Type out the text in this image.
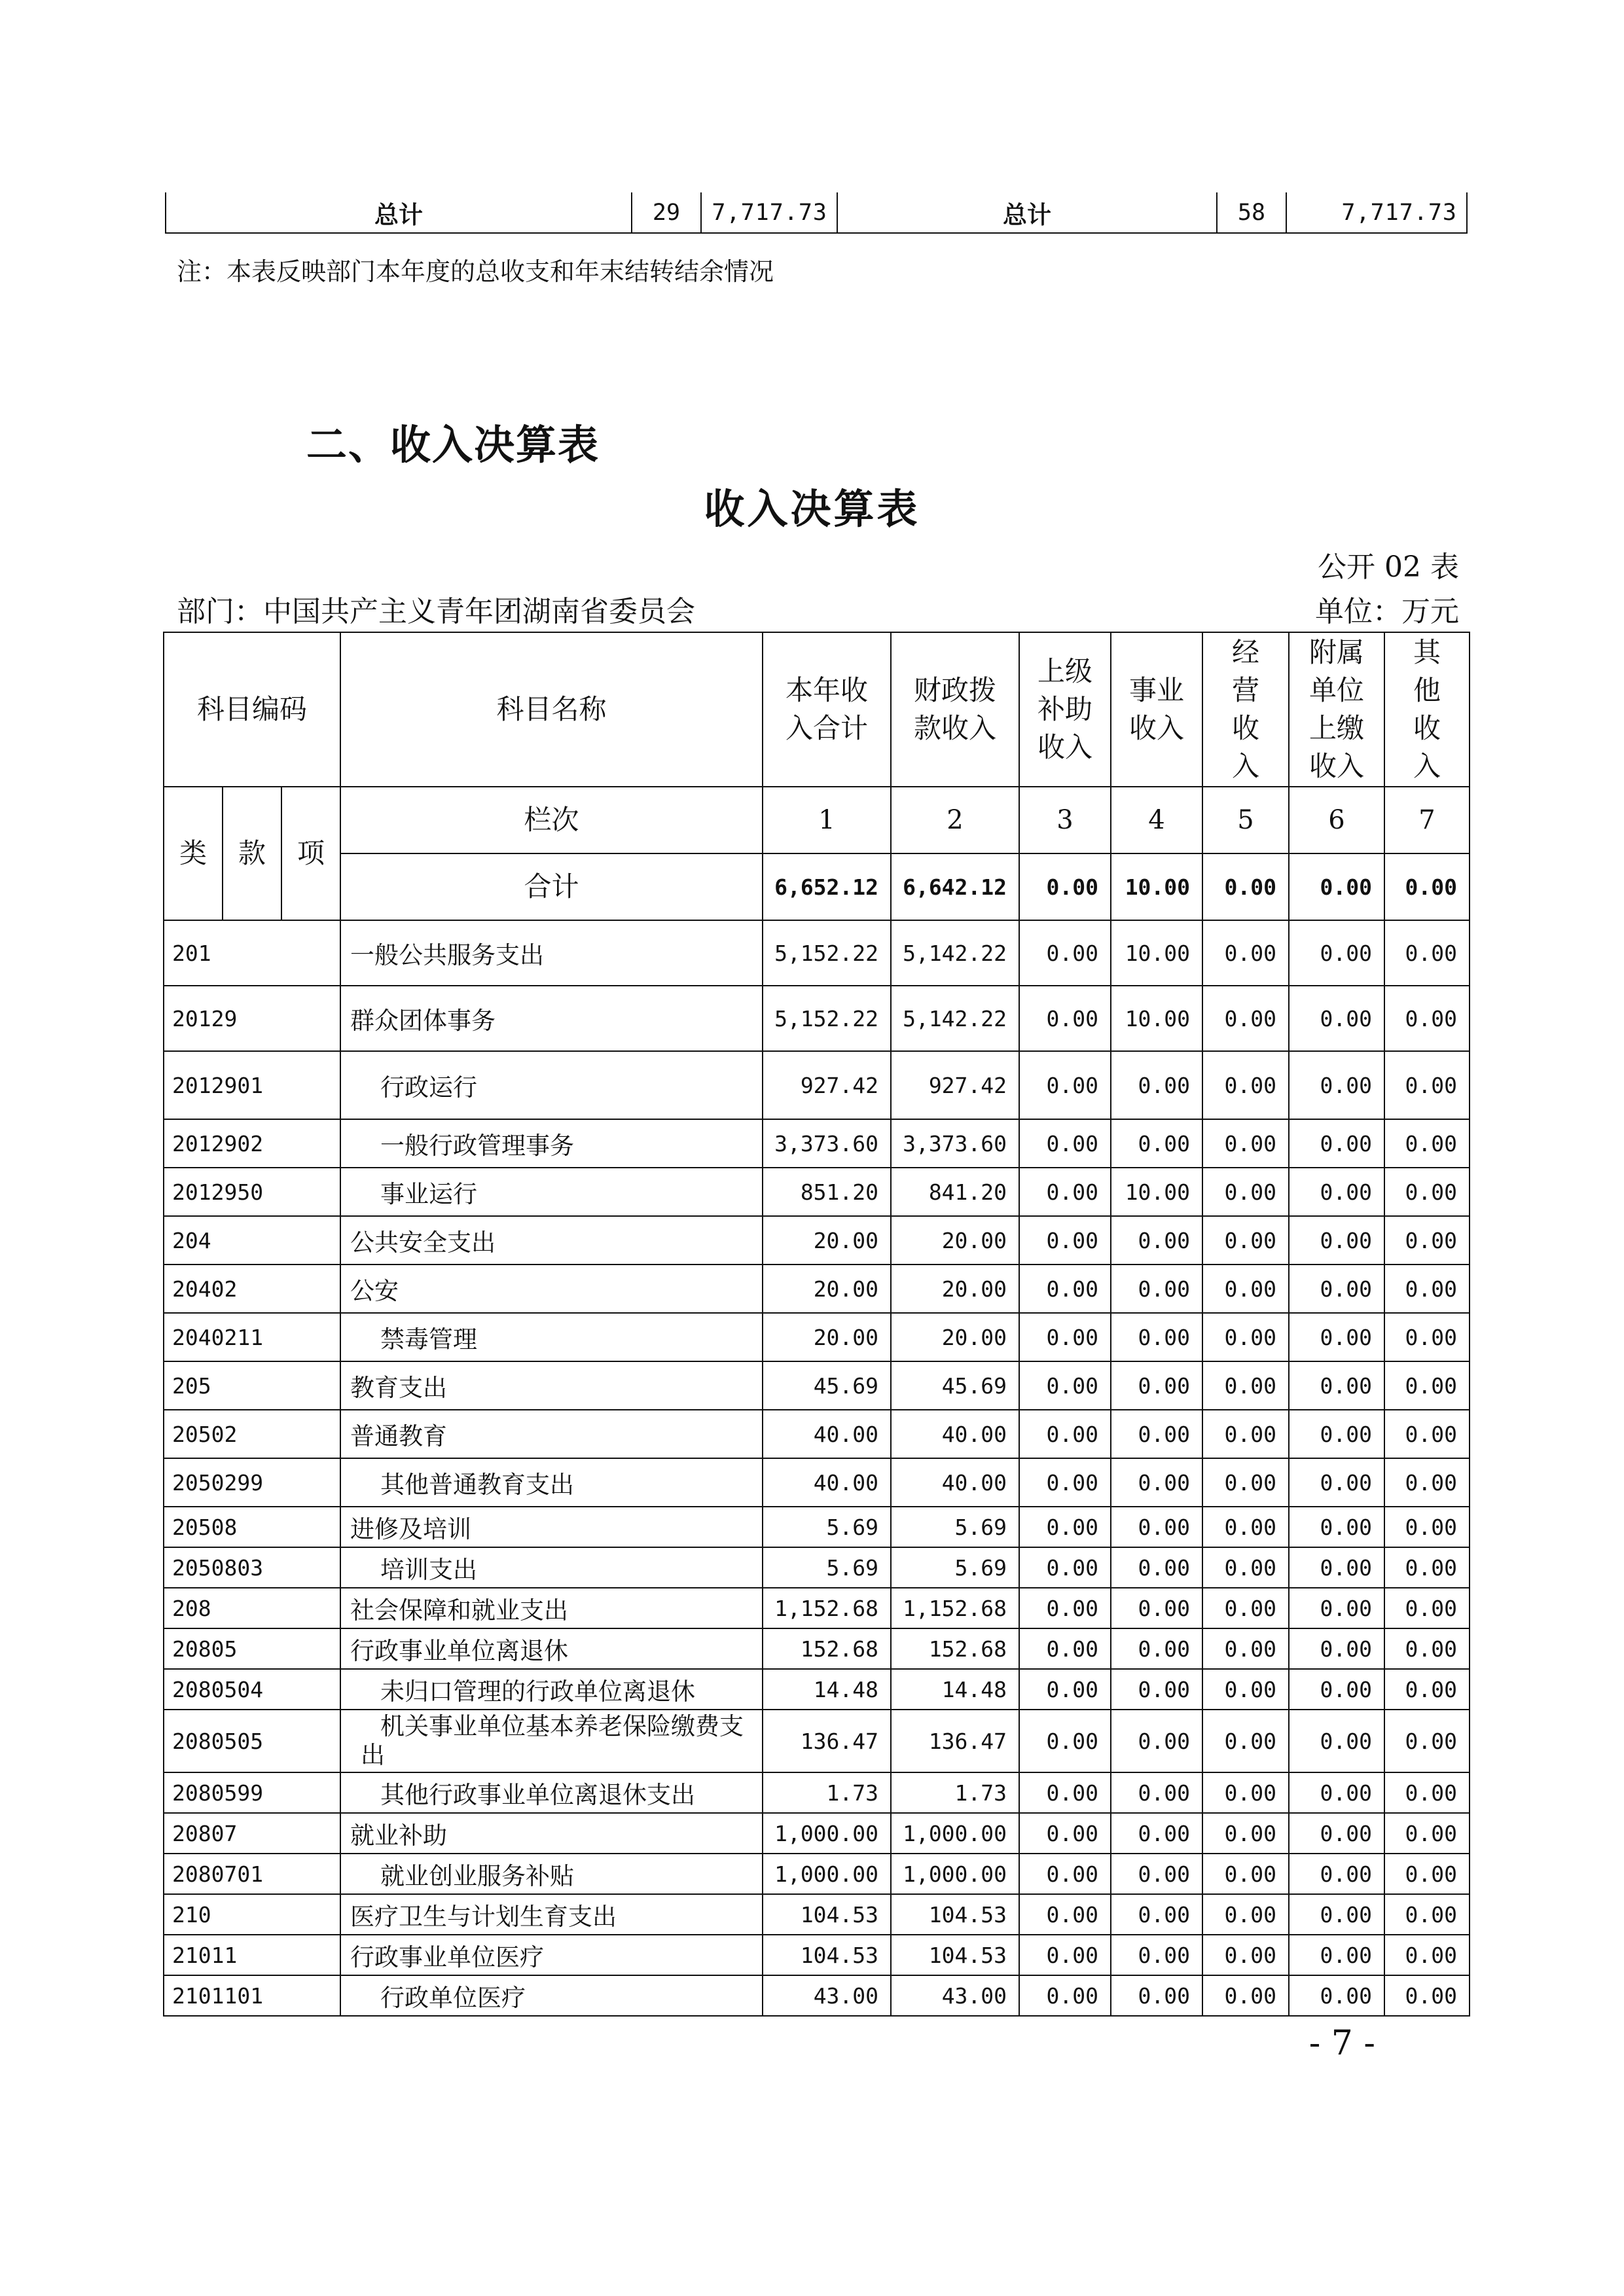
总计	29	7,717.73	总计	58	7,717.73
注：本表反映部门本年度的总收支和年末结转结余情况
二、收入决算表
收入决算表
公开 02 表
部门：中国共产主义青年团湖南省委员会	单位：万元
科目编码			科目名称	本年收入合计	财政拨款收入	上级补助收入	事业收入	经营收入	附属单位上缴收入	其他收入

类	款	项	栏次	1	2	3	4	5	6	7
			合计	6,652.12	6,642.12	0.00	10.00	0.00	0.00	0.00
201			一般公共服务支出	5,152.22	5,142.22	0.00	10.00	0.00	0.00	0.00
20129			群众团体事务	5,152.22	5,142.22	0.00	10.00	0.00	0.00	0.00
2012901			行政运行	927.42	927.42	0.00	0.00	0.00	0.00	0.00
2012902			一般行政管理事务	3,373.60	3,373.60	0.00	0.00	0.00	0.00	0.00
2012950			事业运行	851.20	841.20	0.00	10.00	0.00	0.00	0.00
204			公共安全支出	20.00	20.00	0.00	0.00	0.00	0.00	0.00
20402			公安	20.00	20.00	0.00	0.00	0.00	0.00	0.00
2040211			禁毒管理	20.00	20.00	0.00	0.00	0.00	0.00	0.00
205			教育支出	45.69	45.69	0.00	0.00	0.00	0.00	0.00
20502			普通教育	40.00	40.00	0.00	0.00	0.00	0.00	0.00
2050299			其他普通教育支出	40.00	40.00	0.00	0.00	0.00	0.00	0.00
20508			进修及培训	5.69	5.69	0.00	0.00	0.00	0.00	0.00
2050803			培训支出	5.69	5.69	0.00	0.00	0.00	0.00	0.00
208			社会保障和就业支出	1,152.68	1,152.68	0.00	0.00	0.00	0.00	0.00
20805			行政事业单位离退休	152.68	152.68	0.00	0.00	0.00	0.00	0.00
2080504			未归口管理的行政单位离退休	14.48	14.48	0.00	0.00	0.00	0.00	0.00
2080505			机关事业单位基本养老保险缴费支出	136.47	136.47	0.00	0.00	0.00	0.00	0.00
2080599			其他行政事业单位离退休支出	1.73	1.73	0.00	0.00	0.00	0.00	0.00
20807			就业补助	1,000.00	1,000.00	0.00	0.00	0.00	0.00	0.00
2080701			就业创业服务补贴	1,000.00	1,000.00	0.00	0.00	0.00	0.00	0.00
210			医疗卫生与计划生育支出	104.53	104.53	0.00	0.00	0.00	0.00	0.00
21011			行政事业单位医疗	104.53	104.53	0.00	0.00	0.00	0.00	0.00
2101101			行政单位医疗	43.00	43.00	0.00	0.00	0.00	0.00	0.00
- 7 -
